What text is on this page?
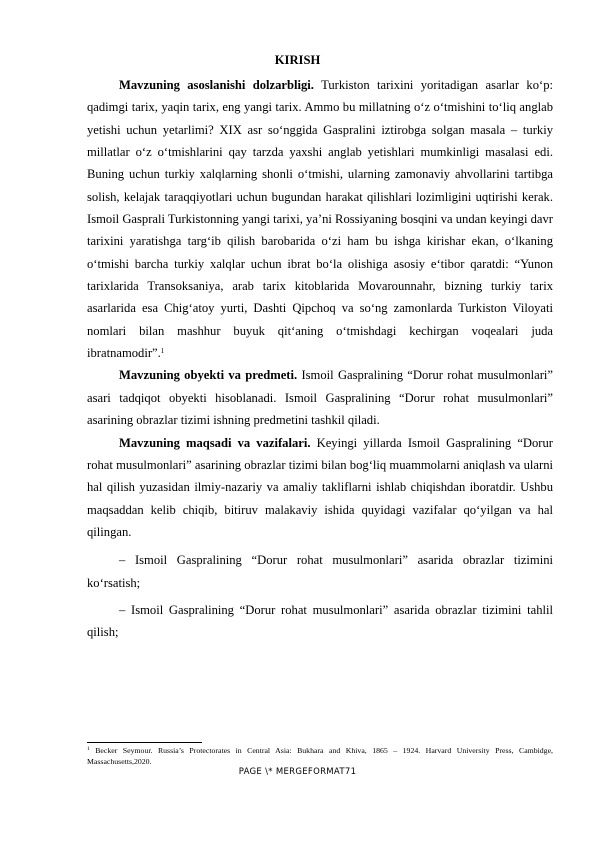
KIRISH

Mavzuning asoslanishi dolzarbligi. Turkiston tarixini yoritadigan asarlar ko‘p: qadimgi tarix, yaqin tarix, eng yangi tarix. Ammo bu millatning o‘z o‘tmishini to‘liq anglab yetishi uchun yetarlimi? XIX asr so‘nggida Gaspralini iztirobga solgan masala – turkiy millatlar o‘z o‘tmishlarini qay tarzda yaxshi anglab yetishlari mumkinligi masalasi edi. Buning uchun turkiy xalqlarning shonli o‘tmishi, ularning zamonaviy ahvollarini tartibga solish, kelajak taraqqiyotlari uchun bugundan harakat qilishlari lozimligini uqtirishi kerak. Ismoil Gasprali Turkistonning yangi tarixi, ya’ni Rossiyaning bosqini va undan keyingi davr tarixini yaratishga targ‘ib qilish barobarida o‘zi ham bu ishga kirishar ekan, o‘lkaning o‘tmishi barcha turkiy xalqlar uchun ibrat bo‘la olishiga asosiy e‘tibor qaratdi: “Yunon tarixlarida Transoksaniya, arab tarix kitoblarida Movarounnahr, bizning turkiy tarix asarlarida esa Chig‘atoy yurti, Dashti Qipchoq va so‘ng zamonlarda Turkiston Viloyati nomlari bilan mashhur buyuk qit‘aning o‘tmishdagi kechirgan voqealari juda ibratnamodir”.$^1$

Mavzuning obyekti va predmeti. Ismoil Gaspralining “Dorur rohat musulmonlari” asari tadqiqot obyekti hisoblanadi. Ismoil Gaspralining “Dorur rohat musulmonlari” asarining obrazlar tizimi ishning predmetini tashkil qiladi.

Mavzuning maqsadi va vazifalari. Keyingi yillarda Ismoil Gaspralining “Dorur rohat musulmonlari” asarining obrazlar tizimi bilan bog‘liq muammolarni aniqlash va ularni hal qilish yuzasidan ilmiy-nazariy va amaliy takliflarni ishlab chiqishdan iboratdir. Ushbu maqsaddan kelib chiqib, bitiruv malakaviy ishida quyidagi vazifalar qo‘yilgan va hal qilingan.

– Ismoil Gaspralining “Dorur rohat musulmonlari” asarida obrazlar tizimini ko‘rsatish;

– Ismoil Gaspralining “Dorur rohat musulmonlari” asarida obrazlar tizimini tahlil qilish;

$^1$ Becker Seymour. Russia’s Protectorates in Central Asia: Bukhara and Khiva, 1865 – 1924. Harvard University Press, Cambidge, Massachusetts,2020.
PAGE \* MERGEFORMAT71
